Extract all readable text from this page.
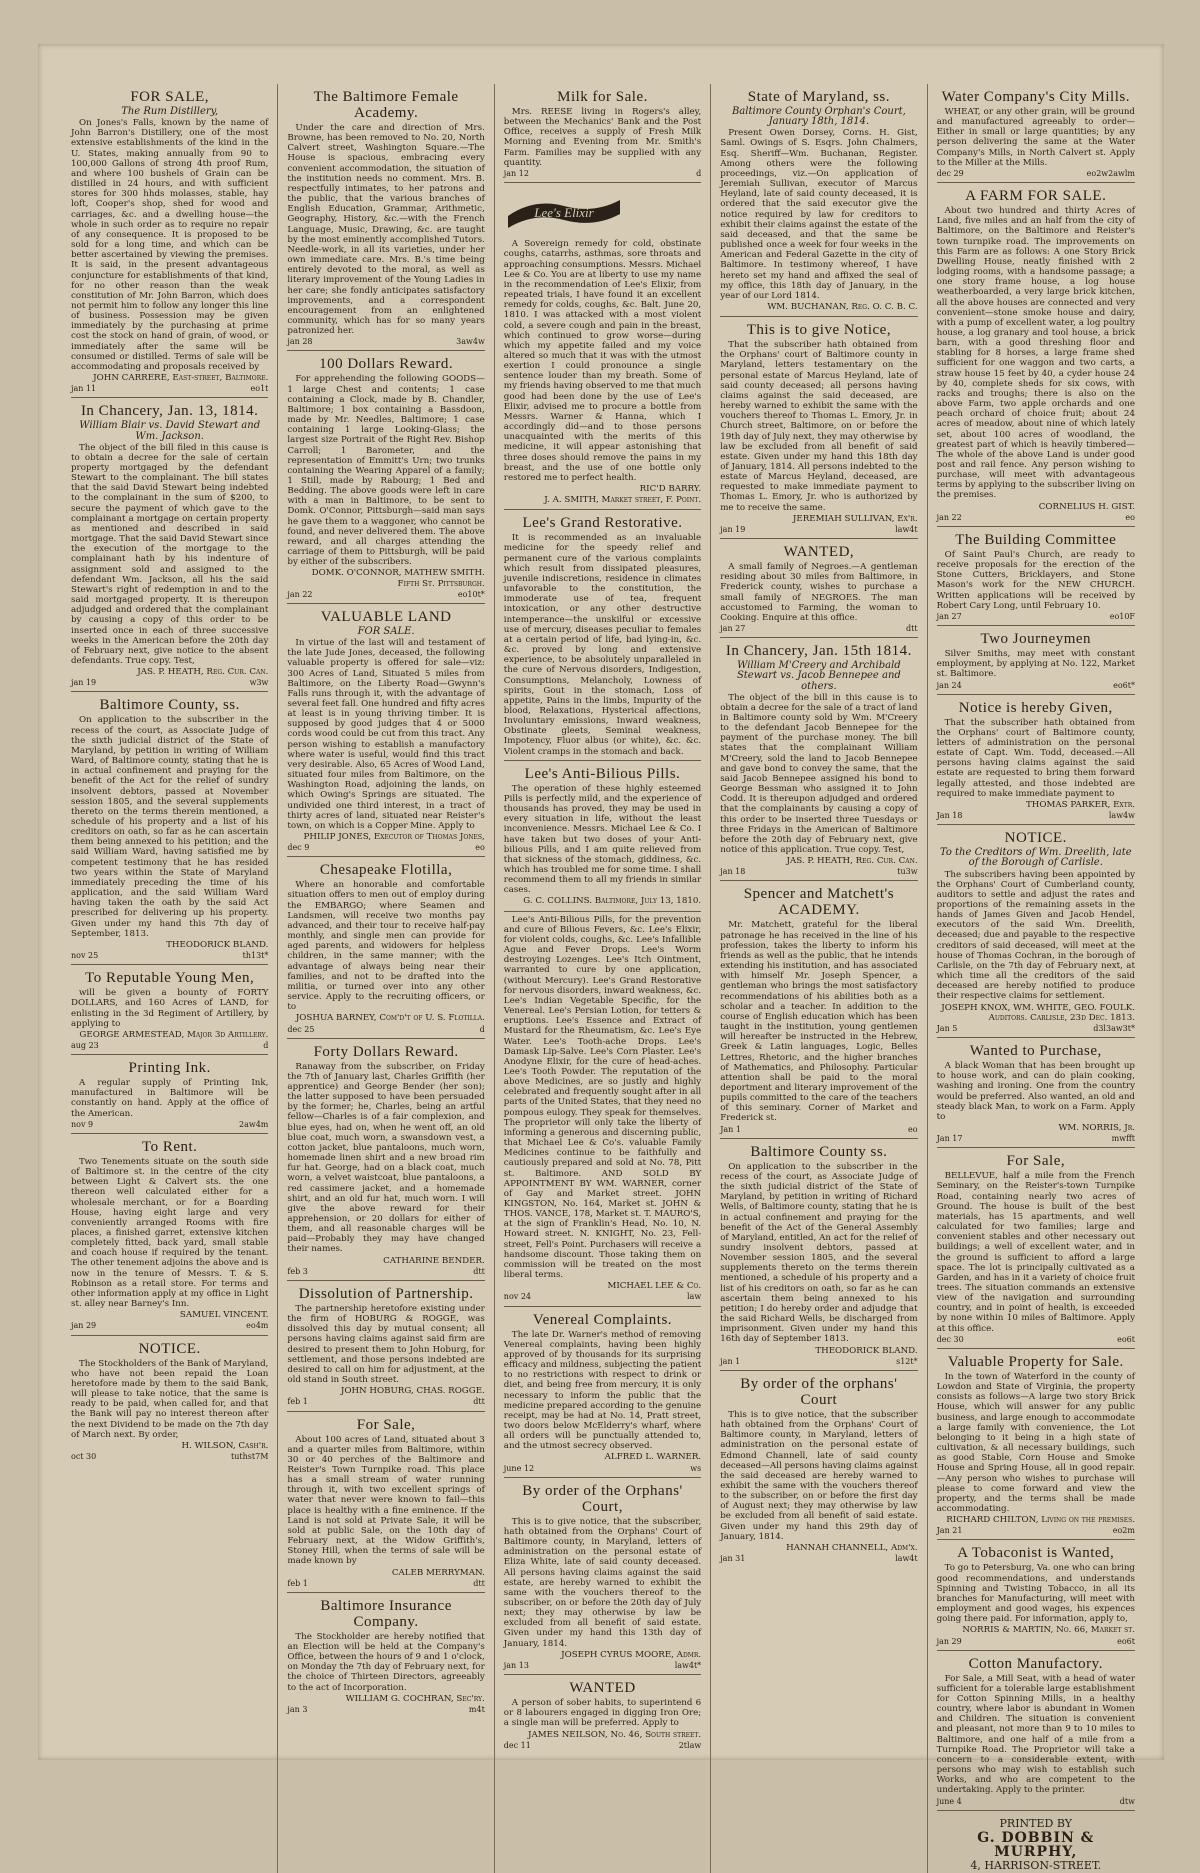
FOR SALE,
The Rum Distillery,

On Jones's Falls, known by the name of John Barron's Distillery, one of the most extensive establishments of the kind in the U. States, making annually from 90 to 100,000 Gallons of strong 4th proof Rum, and where 100 bushels of Grain can be distilled in 24 hours, and with sufficient stores for 300 hhds molasses, stable, hay loft, Cooper's shop, shed for wood and carriages, &c. and a dwelling house—the whole in such order as to require no repair of any consequence. It is proposed to be sold for a long time, and which can be better ascertained by viewing the premises. It is said, in the present advantageous conjuncture for establishments of that kind, for no other reason than the weak constitution of Mr. John Barron, which does not permit him to follow any longer this line of business. Possession may be given immediately by the purchasing at prime cost the stock on hand of grain, of wood, or immediately after the same will be consumed or distilled. Terms of sale will be accommodating and proposals received by

JOHN CARRERE, East-street, Baltimore.
jan 11	eo1t
In Chancery, Jan. 13, 1814.
William Blair vs. David Stewart and Wm. Jackson.

The object of the bill filed in this cause is to obtain a decree for the sale of certain property mortgaged by the defendant Stewart to the complainant. The bill states that the said David Stewart being indebted to the complainant in the sum of $200, to secure the payment of which gave to the complainant a mortgage on certain property as mentioned and described in said mortgage. That the said David Stewart since the execution of the mortgage to the complainant hath by his indenture of assignment sold and assigned to the defendant Wm. Jackson, all his the said Stewart's right of redemption in and to the said mortgaged property. It is thereupon adjudged and ordered that the complainant by causing a copy of this order to be inserted once in each of three successive weeks in the American before the 20th day of February next, give notice to the absent defendants. True copy. Test,

JAS. P. HEATH, Reg. Cur. Can.
jan 19	w3w
Baltimore County, ss.

On application to the subscriber in the recess of the court, as Associate Judge of the sixth judicial district of the State of Maryland, by petition in writing of William Ward, of Baltimore county, stating that he is in actual confinement and praying for the benefit of the Act for the relief of sundry insolvent debtors, passed at November session 1805, and the several supplements thereto on the terms therein mentioned, a schedule of his property and a list of his creditors on oath, so far as he can ascertain them being annexed to his petition; and the said William Ward, having satisfied me by competent testimony that he has resided two years within the State of Maryland immediately preceding the time of his application, and the said William Ward having taken the oath by the said Act prescribed for delivering up his property. Given under my hand this 7th day of September, 1813.

THEODORICK BLAND.
nov 25	th13t*
To Reputable Young Men,

will be given a bounty of FORTY DOLLARS, and 160 Acres of LAND, for enlisting in the 3d Regiment of Artillery, by applying to

GEORGE ARMESTEAD, Major 3d Artillery.
aug 23	d
Printing Ink.

A regular supply of Printing Ink, manufactured in Baltimore will be constantly on hand. Apply at the office of the American.

nov 9	2aw4m
To Rent.

Two Tenements situate on the south side of Baltimore st. in the centre of the city between Light & Calvert sts. the one thereon well calculated either for a wholesale merchant, or for a Boarding House, having eight large and very conveniently arranged Rooms with fire places, a finished garret, extensive kitchen completely fitted, back yard, small stable and coach house if required by the tenant. The other tenement adjoins the above and is now in the tenure of Messrs. T. & S. Robinson as a retail store. For terms and other information apply at my office in Light st. alley near Barney's Inn.

SAMUEL VINCENT.
jan 29	eo4m
NOTICE.

The Stockholders of the Bank of Maryland, who have not been repaid the Loan heretofore made by them to the said Bank, will please to take notice, that the same is ready to be paid, when called for, and that the Bank will pay no interest thereon after the next Dividend to be made on the 7th day of March next. By order,

H. WILSON, Cash'r.
oct 30	tuthst7M
The Baltimore Female Academy.

Under the care and direction of Mrs. Browne, has been removed to No. 20, North Calvert street, Washington Square.—The House is spacious, embracing every convenient accommodation, the situation of the institution needs no comment. Mrs. B. respectfully intimates, to her patrons and the public, that the various branches of English Education, Grammar, Arithmetic, Geography, History, &c.—with the French Language, Music, Drawing, &c. are taught by the most eminently accomplished Tutors. Needle-work, in all its varieties, under her own immediate care. Mrs. B.'s time being entirely devoted to the moral, as well as literary improvement of the Young Ladies in her care; she fondly anticipates satisfactory improvements, and a correspondent encouragement from an enlightened community, which has for so many years patronized her.

jan 28	3aw4w
100 Dollars Reward.

For apprehending the following GOODS—1 large Chest and contents; 1 case containing a Clock, made by B. Chandler, Baltimore; 1 box containing a Bassdoon, made by Mr. Needles, Baltimore; 1 case containing 1 large Looking-Glass; the largest size Portrait of the Right Rev. Bishop Carroll; 1 Barometer, and the representation of Emmitt's Urn; two trunks containing the Wearing Apparel of a family; 1 Still, made by Rabourg; 1 Bed and Bedding. The above goods were left in care with a man in Baltimore, to be sent to Domk. O'Connor, Pittsburgh—said man says he gave them to a waggoner, who cannot be found, and never delivered them. The above reward, and all charges attending the carriage of them to Pittsburgh, will be paid by either of the subscribers.

DOMK. O'CONNOR, MATHEW SMITH. Fifth St. Pittsburgh.
jan 22	eo10t*
VALUABLE LAND
FOR SALE.

In virtue of the last will and testament of the late Jude Jones, deceased, the following valuable property is offered for sale—viz: 300 Acres of Land, Situated 5 miles from Baltimore, on the Liberty Road—Gwynn's Falls runs through it, with the advantage of several feet fall. One hundred and fifty acres at least is in young thriving timber. It is supposed by good judges that 4 or 5000 cords wood could be cut from this tract. Any person wishing to establish a manufactory where water is useful, would find this tract very desirable. Also, 65 Acres of Wood Land, situated four miles from Baltimore, on the Washington Road, adjoining the lands, on which Owing's Springs are situated. The undivided one third interest, in a tract of thirty acres of land, situated near Reister's town, on which is a Copper Mine. Apply to

PHILIP JONES, Executor of Thomas Jones,
dec 9	eo
Chesapeake Flotilla,

Where an honorable and comfortable situation offers to men out of employ during the EMBARGO; where Seamen and Landsmen, will receive two months pay advanced, and their tour to receive half-pay monthly, and single men can provide for aged parents, and widowers for helpless children, in the same manner; with the advantage of always being near their families, and not to be drafted into the militia, or turned over into any other service. Apply to the recruiting officers, or to

JOSHUA BARNEY, Com'd't of U. S. Flotilla.
dec 25	d
Forty Dollars Reward.

Ranaway from the subscriber, on Friday the 7th of January last, Charles Griffith (her apprentice) and George Bender (her son); the latter supposed to have been persuaded by the former; he, Charles, being an artful fellow—Charles is of a fair complexion, and blue eyes, had on, when he went off, an old blue coat, much worn, a swansdown vest, a cotton jacket, blue pantaloons, much worn, homemade linen shirt and a new broad rim fur hat. George, had on a black coat, much worn, a velvet waistcoat, blue pantaloons, a red cassimere jacket, and a homemade shirt, and an old fur hat, much worn. I will give the above reward for their apprehension, or 20 dollars for either of them, and all reasonable charges will be paid—Probably they may have changed their names.

CATHARINE BENDER.
feb 3	dtt
Dissolution of Partnership.

The partnership heretofore existing under the firm of HOBURG & ROGGE, was dissolved this day by mutual consent; all persons having claims against said firm are desired to present them to John Hoburg, for settlement, and those persons indebted are desired to call on him for adjustment, at the old stand in South street.

JOHN HOBURG, CHAS. ROGGE.
feb 1	dtt
For Sale,

About 100 acres of Land, situated about 3 and a quarter miles from Baltimore, within 30 or 40 perches of the Baltimore and Reister's Town Turnpike road. This place has a small stream of water running through it, with two excellent springs of water that never were known to fail—this place is healthy with a fine eminence. If the Land is not sold at Private Sale, it will be sold at public Sale, on the 10th day of February next, at the Widow Griffith's, Stoney Hill, when the terms of sale will be made known by

CALEB MERRYMAN.
feb 1	dtt
Baltimore Insurance Company.

The Stockholder are hereby notified that an Election will be held at the Company's Office, between the hours of 9 and 1 o'clock, on Monday the 7th day of February next, for the choice of Thirteen Directors, agreeably to the act of Incorporation.

WILLIAM G. COCHRAN, Sec'ry.
jan 3	m4t
Milk for Sale.

Mrs. REESE living in Rogers's alley, between the Mechanics' Bank and the Post Office, receives a supply of Fresh Milk Morning and Evening from Mr. Smith's Farm. Families may be supplied with any quantity.

jan 12	d
Lee's Elixir

A Sovereign remedy for cold, obstinate coughs, catarrhs, asthmas, sore throats and approaching consumptions. Messrs. Michael Lee & Co. You are at liberty to use my name in the recommendation of Lee's Elixir, from repeated trials, I have found it an excellent remedy for colds, coughs, &c. Balt. June 20, 1810. I was attacked with a most violent cold, a severe cough and pain in the breast, which continued to grow worse—during which my appetite failed and my voice altered so much that it was with the utmost exertion I could pronounce a single sentence louder than my breath. Some of my friends having observed to me that much good had been done by the use of Lee's Elixir, advised me to procure a bottle from Messrs. Warner & Hanna, which I accordingly did—and to those persons unacquainted with the merits of this medicine, it will appear astonishing that three doses should remove the pains in my breast, and the use of one bottle only restored me to perfect health.

RIC'D BARRY.
J. A. SMITH, Market street, F. Point.
Lee's Grand Restorative.

It is recommended as an invaluable medicine for the speedy relief and permanent cure of the various complaints which result from dissipated pleasures, juvenile indiscretions, residence in climates unfavorable to the constitution, the immoderate use of tea, frequent intoxication, or any other destructive intemperance—the unskilful or excessive use of mercury, diseases peculiar to females at a certain period of life, bad lying-in, &c. &c. proved by long and extensive experience, to be absolutely unparalleled in the cure of Nervous disorders, Indigestion, Consumptions, Melancholy, Lowness of spirits, Gout in the stomach, Loss of appetite, Pains in the limbs, Impurity of the blood, Relaxations, Hysterical affections, Involuntary emissions, Inward weakness, Obstinate gleets, Seminal weakness, Impotency, Fluor albus (or white), &c. &c. Violent cramps in the stomach and back.

Lee's Anti-Bilious Pills.

The operation of these highly esteemed Pills is perfectly mild, and the experience of thousands has proved, they may be used in every situation in life, without the least inconvenience. Messrs. Michael Lee & Co. I have taken but two doses of your Anti-bilious Pills, and I am quite relieved from that sickness of the stomach, giddiness, &c. which has troubled me for some time. I shall recommend them to all my friends in similar cases.

G. C. COLLINS. Baltimore, July 13, 1810.

Lee's Anti-Bilious Pills, for the prevention and cure of Bilious Fevers, &c. Lee's Elixir, for violent colds, coughs, &c. Lee's Infallible Ague and Fever Drops. Lee's Worm destroying Lozenges. Lee's Itch Ointment, warranted to cure by one application, (without Mercury). Lee's Grand Restorative for nervous disorders, inward weakness, &c. Lee's Indian Vegetable Specific, for the Venereal. Lee's Persian Lotion, for tetters & eruptions. Lee's Essence and Extract of Mustard for the Rheumatism, &c. Lee's Eye Water. Lee's Tooth-ache Drops. Lee's Damask Lip-Salve. Lee's Corn Plaster. Lee's Anodyne Elixir, for the cure of head-aches. Lee's Tooth Powder. The reputation of the above Medicines, are so justly and highly celebrated and frequently sought after in all parts of the United States, that they need no pompous eulogy. They speak for themselves. The proprietor will only take the liberty of informing a generous and discerning public, that Michael Lee & Co's. valuable Family Medicines continue to be faithfully and cautiously prepared and sold at No. 78, Pitt st. Baltimore. AND SOLD BY APPOINTMENT BY WM. WARNER, corner of Gay and Market street. JOHN KINGSTON, No. 164, Market st. JOHN & THOS. VANCE, 178, Market st. T. MAURO'S, at the sign of Franklin's Head, No. 10, N. Howard street. N. KNIGHT, No. 23, Fell-street, Fell's Point. Purchasers will receive a handsome discount. Those taking them on commission will be treated on the most liberal terms.

MICHAEL LEE & Co.
nov 24	law
Venereal Complaints.

The late Dr. Warner's method of removing Venereal complaints, having been highly approved of by thousands for its surprising efficacy and mildness, subjecting the patient to no restrictions with respect to drink or diet, and being free from mercury, it is only necessary to inform the public that the medicine prepared according to the genuine receipt, may be had at No. 14, Pratt street, two doors below McElderry's wharf, where all orders will be punctually attended to, and the utmost secrecy observed.

ALFRED L. WARNER.
june 12	ws
By order of the Orphans' Court,

This is to give notice, that the subscriber, hath obtained from the Orphans' Court of Baltimore county, in Maryland, letters of administration on the personal estate of Eliza White, late of said county deceased. All persons having claims against the said estate, are hereby warned to exhibit the same with the vouchers thereof to the subscriber, on or before the 20th day of July next; they may otherwise by law be excluded from all benefit of said estate. Given under my hand this 13th day of January, 1814.

JOSEPH CYRUS MOORE, Admr.
jan 13	law4t*
WANTED

A person of sober habits, to superintend 6 or 8 labourers engaged in digging Iron Ore; a single man will be preferred. Apply to

JAMES NEILSON, No. 46, South street.
dec 11	2tlaw
State of Maryland, ss.
Baltimore County Orphan's Court, January 18th, 1814.

Present Owen Dorsey, Corns. H. Gist, Saml. Owings of S. Esqrs. John Chalmers, Esq. Sheriff—Wm. Buchanan, Register. Among others were the following proceedings, viz.—On application of Jeremiah Sullivan, executor of Marcus Heyland, late of said county deceased, it is ordered that the said executor give the notice required by law for creditors to exhibit their claims against the estate of the said deceased, and that the same be published once a week for four weeks in the American and Federal Gazette in the city of Baltimore. In testimony whereof, I have hereto set my hand and affixed the seal of my office, this 18th day of January, in the year of our Lord 1814.

WM. BUCHANAN, Reg. O. C. B. C.
This is to give Notice,

That the subscriber hath obtained from the Orphans' court of Baltimore county in Maryland, letters testamentary on the personal estate of Marcus Heyland, late of said county deceased; all persons having claims against the said deceased, are hereby warned to exhibit the same with the vouchers thereof to Thomas L. Emory, Jr. in Church street, Baltimore, on or before the 19th day of July next, they may otherwise by law be excluded from all benefit of said estate. Given under my hand this 18th day of January, 1814. All persons indebted to the estate of Marcus Heyland, deceased, are requested to make immediate payment to Thomas L. Emory, Jr. who is authorized by me to receive the same.

JEREMIAH SULLIVAN, Ex'r.
jan 19	law4t
WANTED,

A small family of Negroes.—A gentleman residing about 30 miles from Baltimore, in Frederick county, wishes to purchase a small family of NEGROES. The man accustomed to Farming, the woman to Cooking. Enquire at this office.

jan 27	dtt
In Chancery, Jan. 15th 1814.
William M'Creery and Archibald Stewart vs. Jacob Bennepee and others.

The object of the bill in this cause is to obtain a decree for the sale of a tract of land in Baltimore county sold by Wm. M'Creery to the defendant Jacob Bennepee for the payment of the purchase money. The bill states that the complainant William M'Creery, sold the land to Jacob Bennepee and gave bond to convey the same, that the said Jacob Bennepee assigned his bond to George Bessman who assigned it to John Codd. It is thereupon adjudged and ordered that the complainants by causing a copy of this order to be inserted three Tuesdays or three Fridays in the American of Baltimore before the 20th day of February next, give notice of this application. True copy. Test,

JAS. P. HEATH, Reg. Cur. Can.
jan 18	tu3w
Spencer and Matchett's ACADEMY.

Mr. Matchett, grateful for the liberal patronage he has received in the line of his profession, takes the liberty to inform his friends as well as the public, that he intends extending his institution, and has associated with himself Mr. Joseph Spencer, a gentleman who brings the most satisfactory recommendations of his abilities both as a scholar and a teacher. In addition to the course of English education which has been taught in the institution, young gentlemen will hereafter be instructed in the Hebrew, Greek & Latin languages, Logic, Belles Lettres, Rhetoric, and the higher branches of Mathematics, and Philosophy. Particular attention shall be paid to the moral deportment and literary improvement of the pupils committed to the care of the teachers of this seminary. Corner of Market and Frederick st.

Jan 1	eo
Baltimore County ss.

On application to the subscriber in the recess of the court, as Associate Judge of the sixth judicial district of the State of Maryland, by petition in writing of Richard Wells, of Baltimore county, stating that he is in actual confinement and praying for the benefit of the Act of the General Assembly of Maryland, entitled, An act for the relief of sundry insolvent debtors, passed at November session 1805, and the several supplements thereto on the terms therein mentioned, a schedule of his property and a list of his creditors on oath, so far as he can ascertain them being annexed to his petition; I do hereby order and adjudge that the said Richard Wells, be discharged from imprisonment. Given under my hand this 16th day of September 1813.

THEODORICK BLAND.
jan 1	s12t*
By order of the orphans' Court

This is to give notice, that the subscriber hath obtained from the Orphans' Court of Baltimore county, in Maryland, letters of administration on the personal estate of Edmond Channell, late of said county deceased—All persons having claims against the said deceased are hereby warned to exhibit the same with the vouchers thereof to the subscriber, on or before the first day of August next; they may otherwise by law be excluded from all benefit of said estate. Given under my hand this 29th day of January, 1814.

HANNAH CHANNELL, Adm'x.
jan 31	law4t
Water Company's City Mills.

WHEAT, or any other grain, will be ground and manufactured agreeably to order—Either in small or large quantities; by any person delivering the same at the Water Company's Mills, in North Calvert st. Apply to the Miller at the Mills.

dec 29	eo2w2awlm
A FARM FOR SALE.

About two hundred and thirty Acres of Land, five miles and an half from the city of Baltimore, on the Baltimore and Reister's town turnpike road. The improvements on this Farm are as follows: A one Story Brick Dwelling House, neatly finished with 2 lodging rooms, with a handsome passage; a one story frame house, a log house weatherboarded, a very large brick kitchen, all the above houses are connected and very convenient—stone smoke house and dairy, with a pump of excellent water, a log poultry house, a log granary and tool house, a brick barn, with a good threshing floor and stabling for 8 horses, a large frame shed sufficient for one waggon and two carts, a straw house 15 feet by 40, a cyder house 24 by 40, complete sheds for six cows, with racks and troughs; there is also on the above Farm, two apple orchards and one peach orchard of choice fruit; about 24 acres of meadow, about nine of which lately set, about 100 acres of woodland, the greatest part of which is heavily timbered—The whole of the above Land is under good post and rail fence. Any person wishing to purchase, will meet with advantageous terms by applying to the subscriber living on the premises.

CORNELIUS H. GIST.
jan 22	eo
The Building Committee

Of Saint Paul's Church, are ready to receive proposals for the erection of the Stone Cutters, Bricklayers, and Stone Mason's work for the NEW CHURCH. Written applications will be received by Robert Cary Long, until February 10.

jan 27	eo10F
Two Journeymen

Silver Smiths, may meet with constant employment, by applying at No. 122, Market st. Baltimore.

jan 24	eo6t*
Notice is hereby Given,

That the subscriber hath obtained from the Orphans' court of Baltimore county, letters of administration on the personal estate of Capt. Wm. Todd, deceased.—All persons having claims against the said estate are requested to bring them forward legally attested, and those indebted are required to make immediate payment to

THOMAS PARKER, Extr.
Jan 18	law4w
NOTICE.
To the Creditors of Wm. Dreelith, late of the Borough of Carlisle.

The subscribers having been appointed by the Orphans' Court of Cumberland county, auditors to settle and adjust the rates and proportions of the remaining assets in the hands of James Given and Jacob Hendel, executors of the said Wm. Dreelith, deceased; due and payable to the respective creditors of said deceased, will meet at the house of Thomas Cochran, in the borough of Carlisle, on the 7th day of February next, at which time all the creditors of the said deceased are hereby notified to produce their respective claims for settlement.

JOSEPH KNOX, WM. WHITE, GEO. FOULK. Auditors. Carlisle, 23d Dec. 1813.
Jan 5	d3l3aw3t*
Wanted to Purchase,

A black Woman that has been brought up to house work, and can do plain cooking, washing and ironing. One from the country would be preferred. Also wanted, an old and steady black Man, to work on a Farm. Apply to

WM. NORRIS, Jr.
Jan 17	mwfft
For Sale,

BELLEVUE, half a mile from the French Seminary, on the Reister's-town Turnpike Road, containing nearly two acres of Ground. The house is built of the best materials, has 15 apartments, and well calculated for two families; large and convenient stables and other necessary out buildings; a well of excellent water, and in the ground is sufficient to afford a large space. The lot is principally cultivated as a Garden, and has in it a variety of choice fruit trees. The situation commands an extensive view of the navigation and surrounding country, and in point of health, is exceeded by none within 10 miles of Baltimore. Apply at this office.

dec 30	eo6t
Valuable Property for Sale.

In the town of Waterford in the county of Lowdon and State of Virginia, the property consists as follows—A large two story Brick House, which will answer for any public business, and large enough to accommodate a large family with convenience, the Lot belonging to it being in a high state of cultivation, & all necessary buildings, such as good Stable, Corn House and Smoke House and Spring House, all in good repair.—Any person who wishes to purchase will please to come forward and view the property, and the terms shall be made accommodating.

RICHARD CHILTON, Living on the premises.
Jan 21	eo2m
A Tobaconist is Wanted,

To go to Petersburg, Va. one who can bring good recommendations, and understands Spinning and Twisting Tobacco, in all its branches for Manufacturing, will meet with employment and good wages, his expences going there paid. For information, apply to,

NORRIS & MARTIN, No. 66, Market st.
jan 29	eo6t
Cotton Manufactory.

For Sale, a Mill Seat, with a head of water sufficient for a tolerable large establishment for Cotton Spinning Mills, in a healthy country, where labor is abundant in Women and Children. The situation is convenient and pleasant, not more than 9 to 10 miles to Baltimore, and one half of a mile from a Turnpike Road. The Proprietor will take a concern to a considerable extent, with persons who may wish to establish such Works, and who are competent to the undertaking. Apply to the printer.

june 4	dtw
PRINTED BY
G. DOBBIN & MURPHY,
4, HARRISON-STREET.
